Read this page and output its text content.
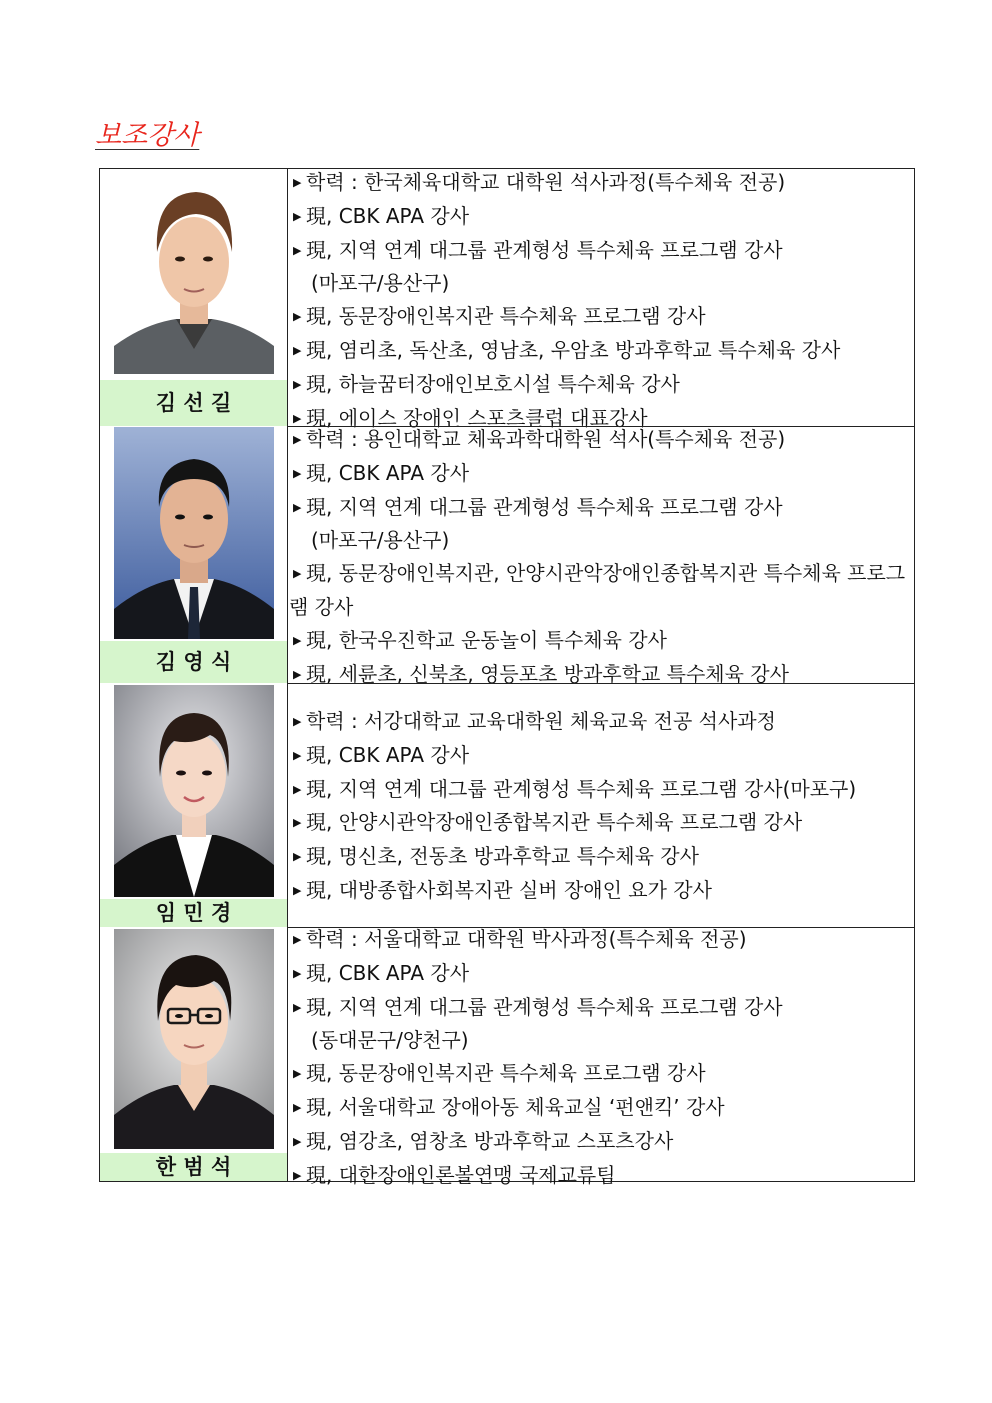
보조강사
김 선 길
▶ 학력 : 한국체육대학교 대학원 석사과정(특수체육 전공)
▶ 現, CBK APA 강사
▶ 現, 지역 연계 대그룹 관계형성 특수체육 프로그램 강사
(마포구/용산구)
▶ 現, 동문장애인복지관 특수체육 프로그램 강사
▶ 現, 염리초, 독산초, 영남초, 우암초 방과후학교 특수체육 강사
▶ 現, 하늘꿈터장애인보호시설 특수체육 강사
▶ 現, 에이스 장애인 스포츠클럽 대표강사
김 영 식
▶ 학력 : 용인대학교 체육과학대학원 석사(특수체육 전공)
▶ 現, CBK APA 강사
▶ 現, 지역 연계 대그룹 관계형성 특수체육 프로그램 강사
(마포구/용산구)
▶ 現, 동문장애인복지관, 안양시관악장애인종합복지관 특수체육 프로그
램 강사
▶ 現, 한국우진학교 운동놀이 특수체육 강사
▶ 現, 세륜초, 신북초, 영등포초 방과후학교 특수체육 강사
임 민 경
▶ 학력 : 서강대학교 교육대학원 체육교육 전공 석사과정
▶ 現, CBK APA 강사
▶ 現, 지역 연계 대그룹 관계형성 특수체육 프로그램 강사(마포구)
▶ 現, 안양시관악장애인종합복지관 특수체육 프로그램 강사
▶ 現, 명신초, 전동초 방과후학교 특수체육 강사
▶ 現, 대방종합사회복지관 실버 장애인 요가 강사
한 범 석
▶ 학력 : 서울대학교 대학원 박사과정(특수체육 전공)
▶ 現, CBK APA 강사
▶ 現, 지역 연계 대그룹 관계형성 특수체육 프로그램 강사
(동대문구/양천구)
▶ 現, 동문장애인복지관 특수체육 프로그램 강사
▶ 現, 서울대학교 장애아동 체육교실 ‘펀앤킥’ 강사
▶ 現, 염강초, 염창초 방과후학교 스포츠강사
▶ 現, 대한장애인론볼연맹 국제교류팀
